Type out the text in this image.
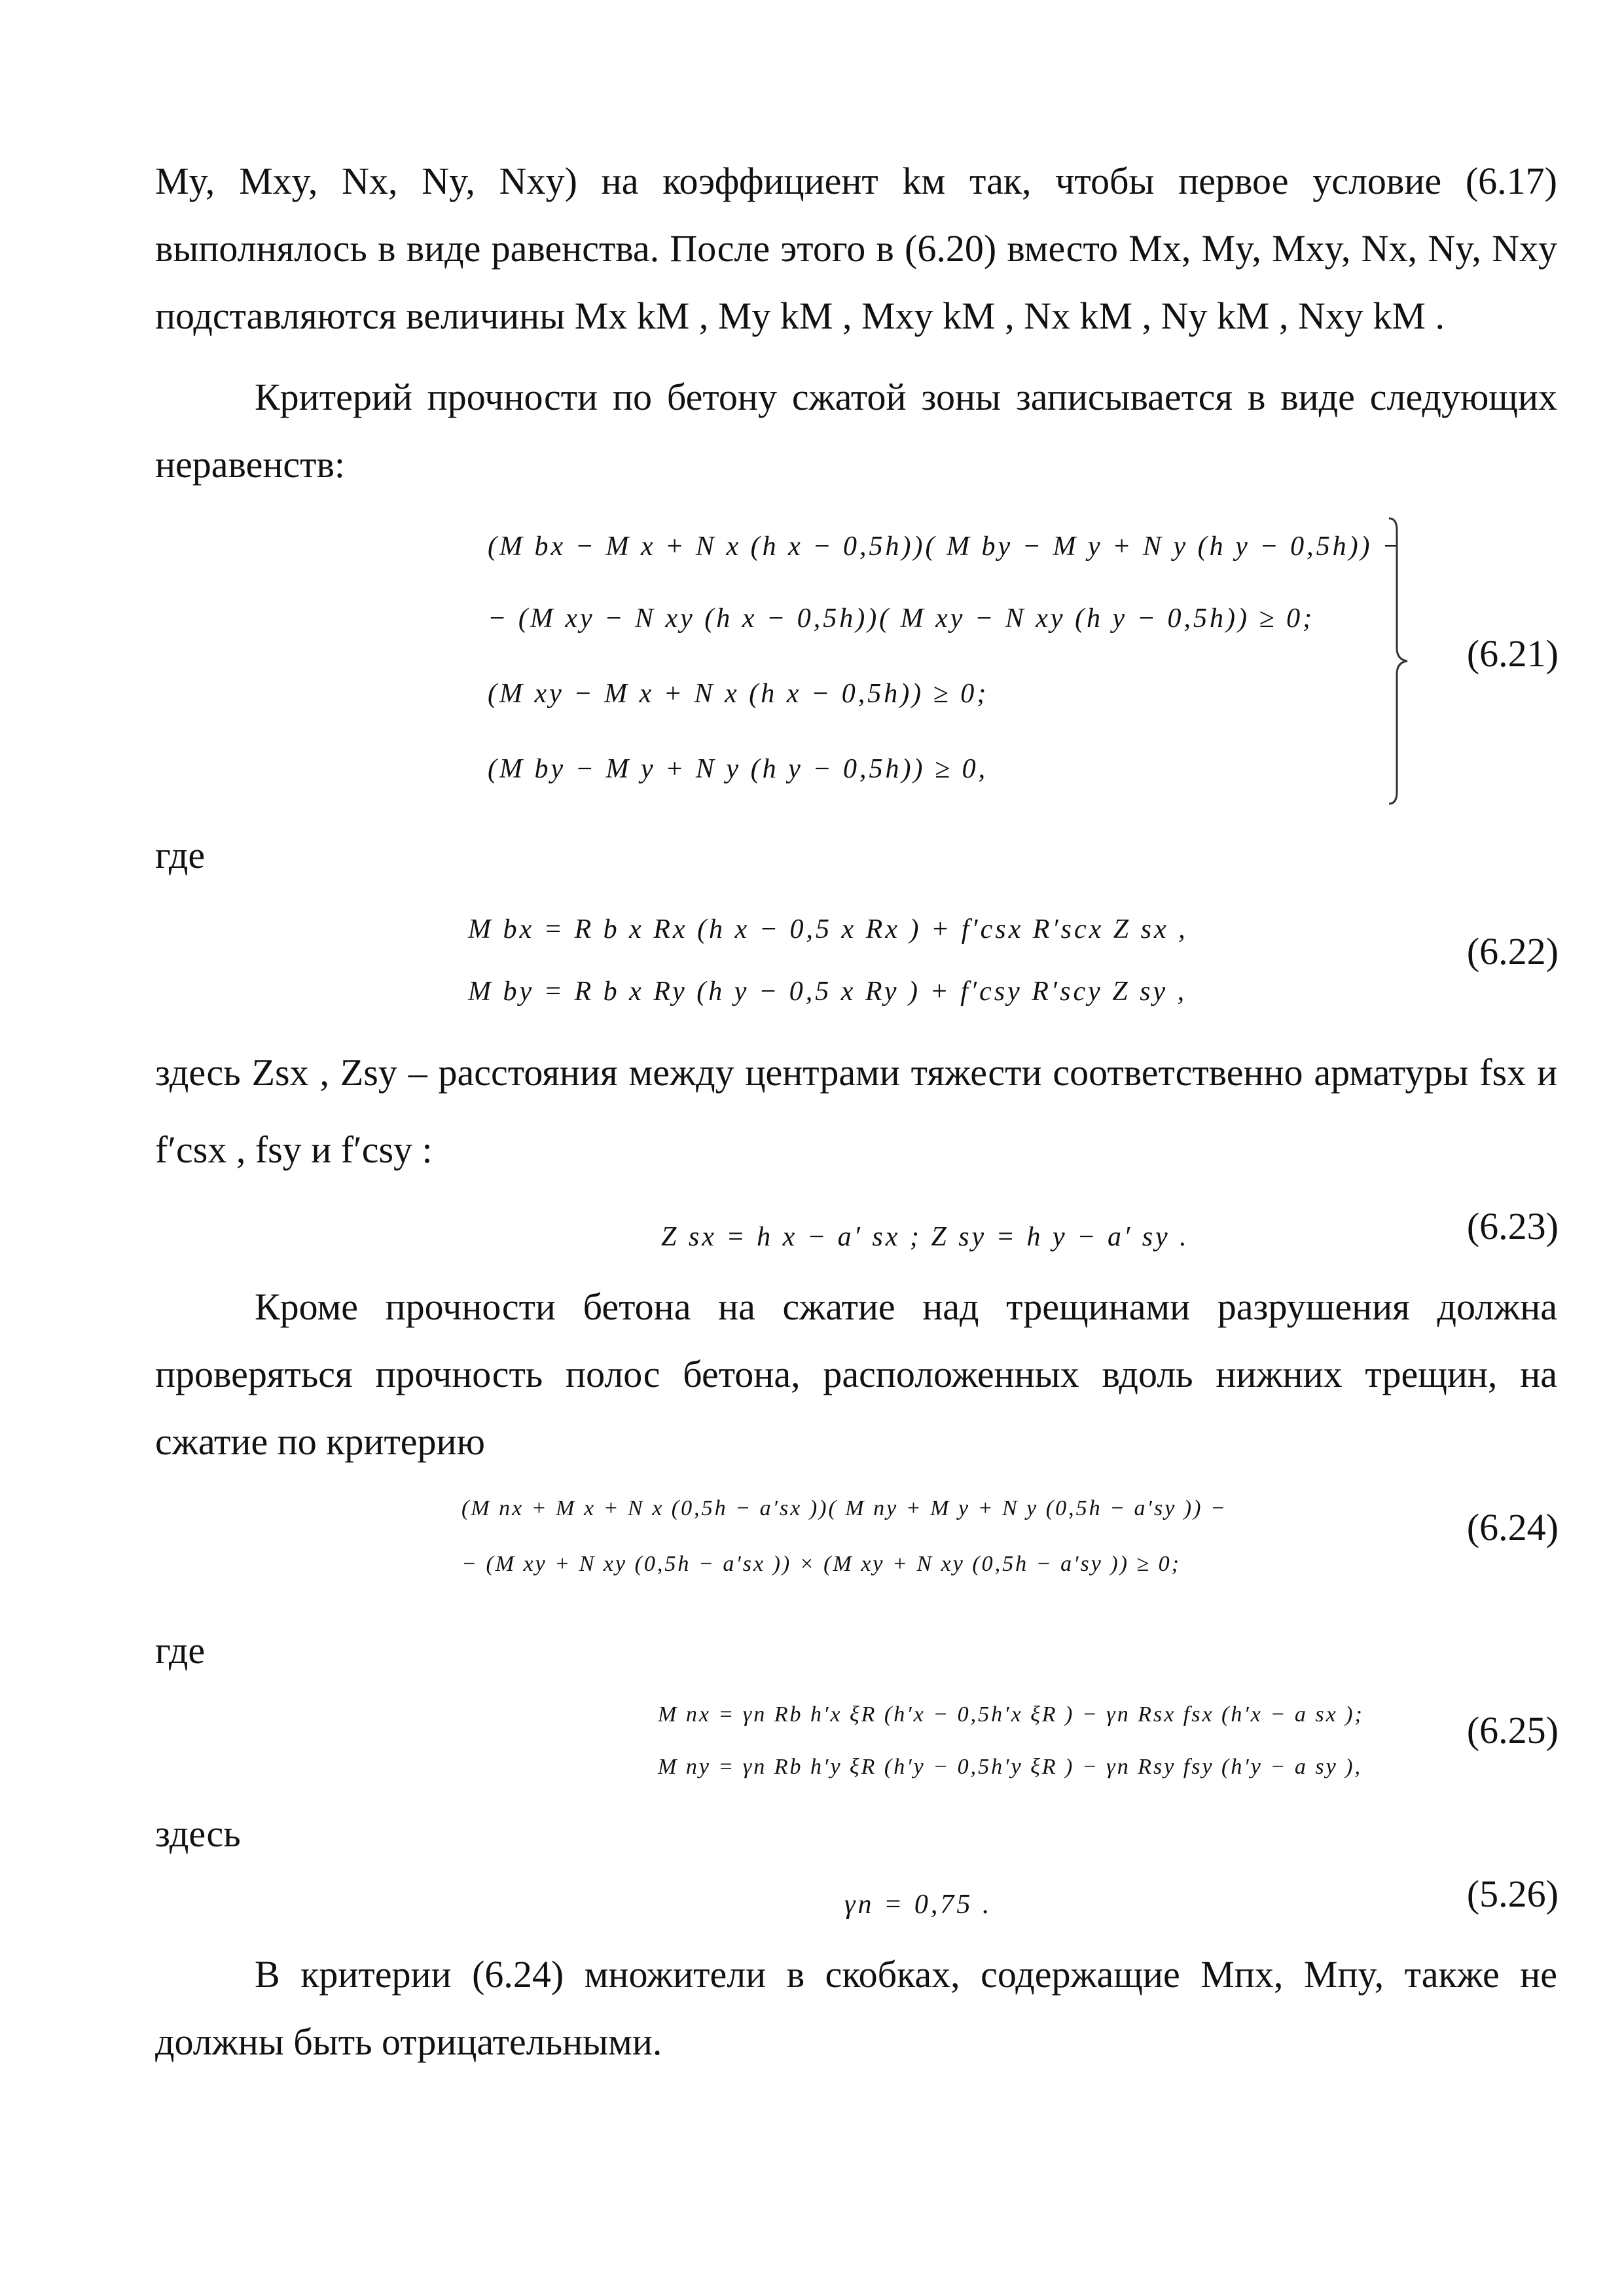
My, Mxy, Nx, Ny, Nxy) на коэффициент kм так, чтобы первое условие (6.17) выполнялось в виде равенства. После этого в (6.20) вместо Mx, My, Mxy, Nx, Ny, Nxy подставляются величины Mx kM , My kM , Mxy kM , Nx kM , Ny kM , Nxy kM .

Критерий прочности по бетону сжатой зоны записывается в виде следующих неравенств:

(M bx − M x + N x (h x − 0,5h))( M by − M y + N y (h y − 0,5h)) −
− (M xy − N xy (h x − 0,5h))( M xy − N xy (h y − 0,5h)) ≥ 0;
(M xy − M x + N x (h x − 0,5h)) ≥ 0;
(M by − M y + N y (h y − 0,5h)) ≥ 0,
(6.21)

где

M bx = R b x Rx (h x − 0,5 x Rx ) + f′csx R′scx Z sx ,
M by = R b x Ry (h y − 0,5 x Ry ) + f′csy R′scy Z sy ,
(6.22)

здесь Zsx , Zsy – расстояния между центрами тяжести соответственно арматуры fsx и f′csx , fsy и f′csy :

Z sx = h x − a′ sx ; Z sy = h y − a′ sy .	(6.23)

Кроме прочности бетона на сжатие над трещинами разрушения должна проверяться прочность полос бетона, расположенных вдоль нижних трещин, на сжатие по критерию

(M пx + M x + N x (0,5h − a′sx ))( M пy + M y + N y (0,5h − a′sy )) −
− (M xy + N xy (0,5h − a′sx )) × (M xy + N xy (0,5h − a′sy )) ≥ 0;
(6.24)

где

M пx = γп Rb h′x ξR (h′x − 0,5h′x ξR ) − γп Rsx fsx (h′x − a sx );
M пy = γп Rb h′y ξR (h′y − 0,5h′y ξR ) − γп Rsy fsy (h′y − a sy ),
(6.25)

здесь

γп = 0,75 .	(5.26)

В критерии (6.24) множители в скобках, содержащие Mпx, Mпy, также не должны быть отрицательными.
